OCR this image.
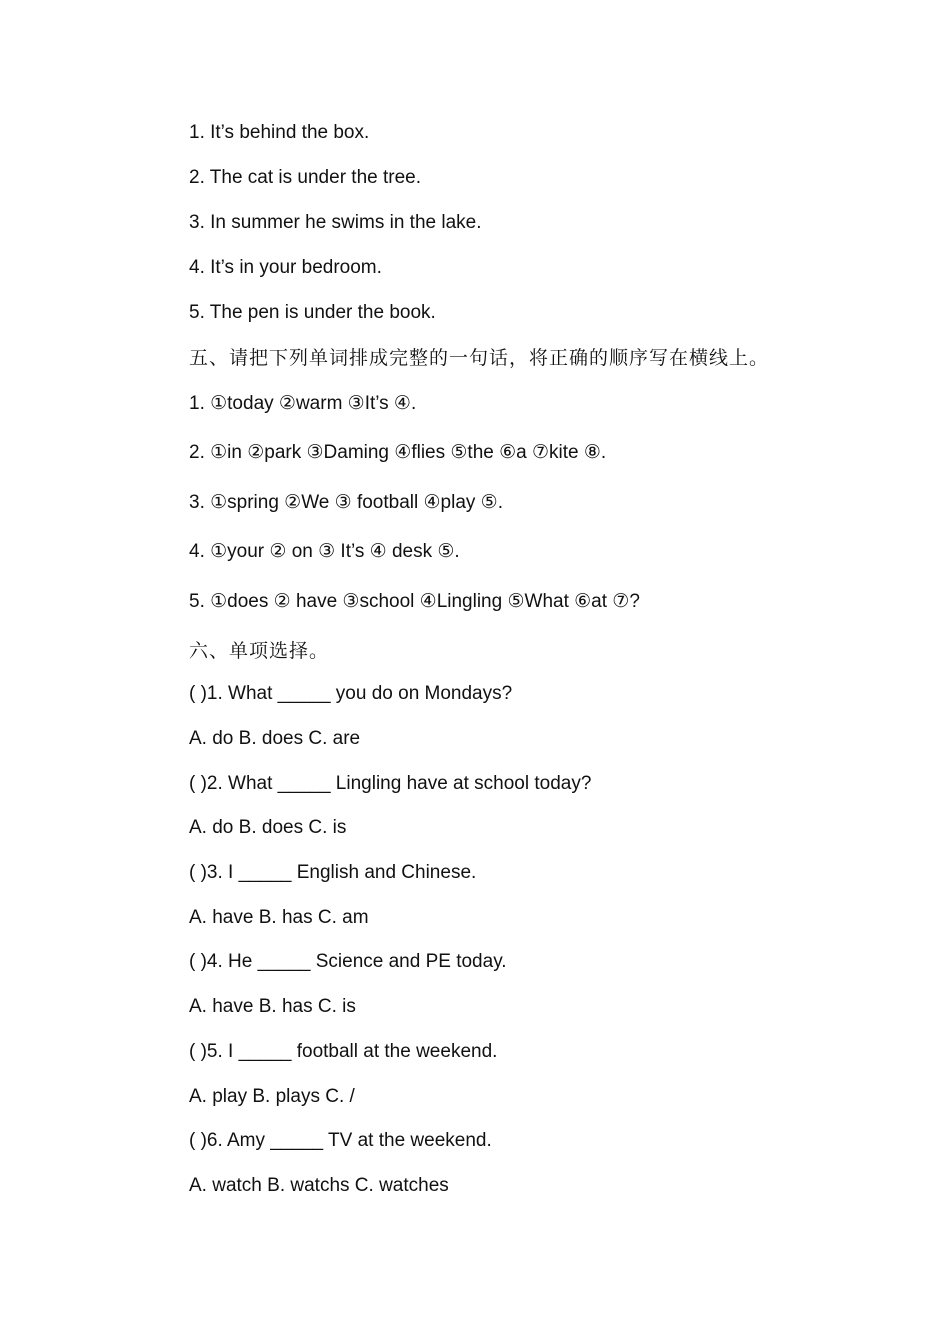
1. It’s behind the box.
2. The cat is under the tree.
3. In summer he swims in the lake.
4. It’s in your bedroom.
5. The pen is under the book.
五、请把下列单词排成完整的一句话，将正确的顺序写在横线上。
1. ①today ②warm ③It’s ④.
2. ①in ②park ③Daming ④flies ⑤the ⑥a ⑦kite ⑧.
3. ①spring ②We ③ football ④play ⑤.
4. ①your ② on ③ It’s ④ desk ⑤.
5. ①does ② have ③school ④Lingling ⑤What ⑥at ⑦?
六、单项选择。
( )1. What _____ you do on Mondays?
A. do B. does C. are
( )2. What _____ Lingling have at school today?
A. do B. does C. is
( )3. I _____ English and Chinese.
A. have B. has C. am
( )4. He _____ Science and PE today.
A. have B. has C. is
( )5. I _____ football at the weekend.
A. play B. plays C. /
( )6. Amy _____ TV at the weekend.
A. watch B. watchs C. watches
